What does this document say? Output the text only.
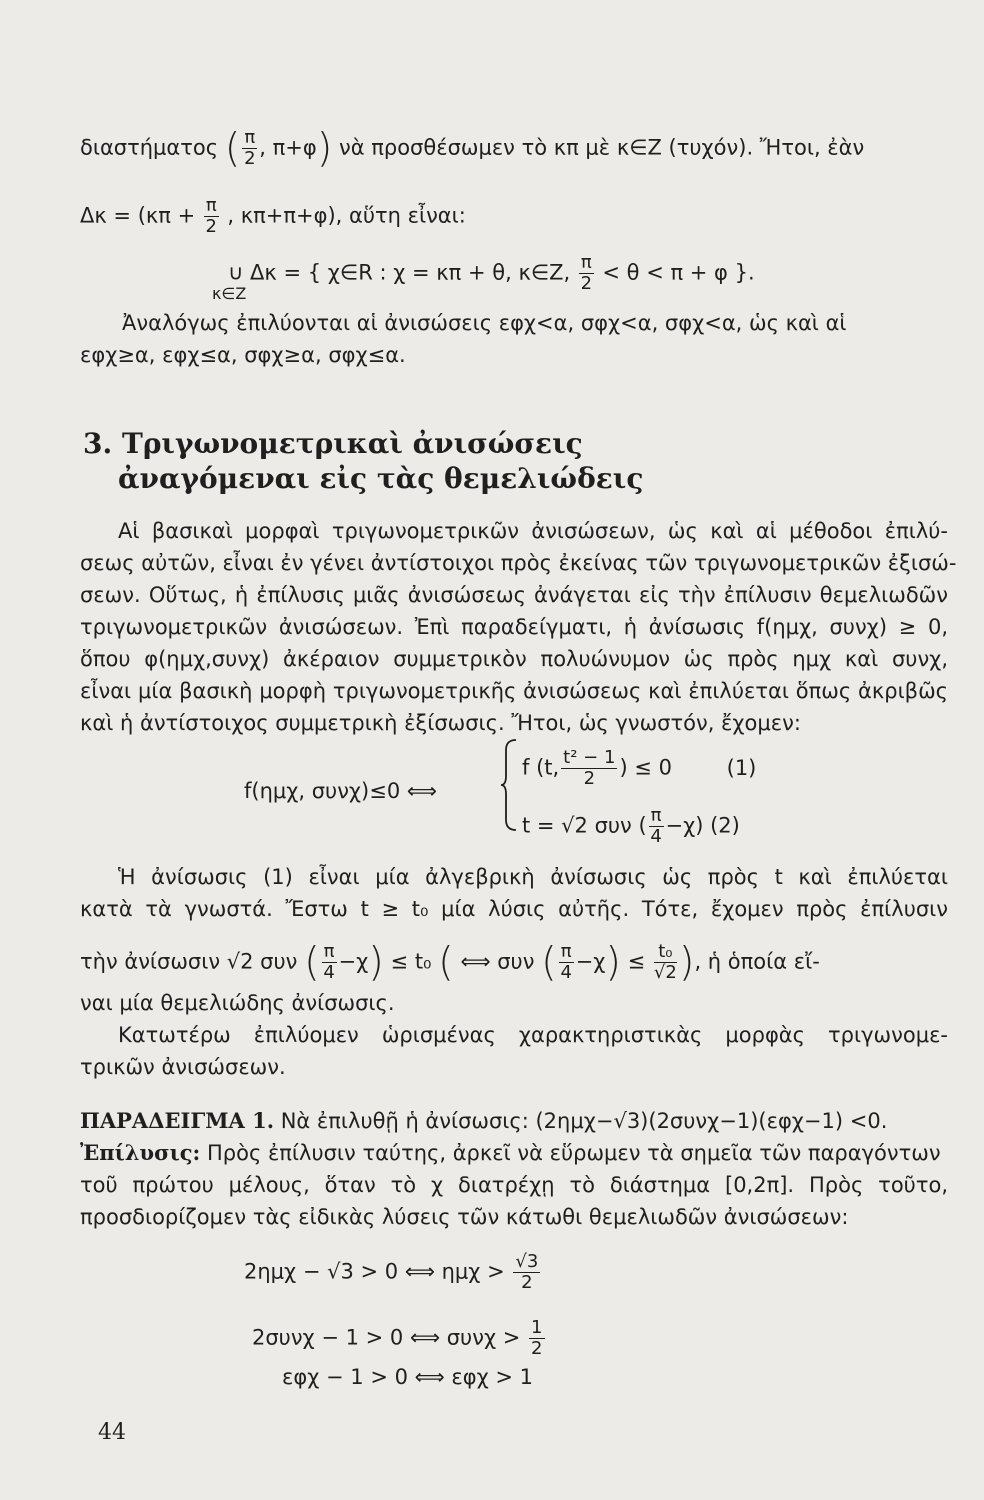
διαστήματος ( $\frac{\pi}{2}$ , π+φ) νὰ προσθέσωμεν τὸ κπ μὲ κ∈Z (τυχόν). Ἤτοι, ἐὰν
$\Delta\kappa = (\kappa\pi + \frac{\pi}{2}$ , κπ+π+φ), αὕτη εἶναι:
∪ Δκ = { χ∈R : χ = κπ + θ, κ∈Z, $\frac{\pi}{2} < \theta < \pi + \varphi$ }.
κ∈Z
Ἀναλόγως ἐπιλύονται αἱ ἀνισώσεις εφχ<α, σφχ<α, σφχ<α, ὡς καὶ αἱ
εφχ≥α, εφχ≤α, σφχ≥α, σφχ≤α.
3. Τριγωνομετρικαὶ ἀνισώσεις
ἀναγόμεναι εἰς τὰς θεμελιώδεις
Αἱ βασικαὶ μορφαὶ τριγωνομετρικῶν ἀνισώσεων, ὡς καὶ αἱ μέθοδοι ἐπιλύ-
σεως αὐτῶν, εἶναι ἐν γένει ἀντίστοιχοι πρὸς ἐκείνας τῶν τριγωνομετρικῶν ἐξισώ-
σεων. Οὕτως, ἡ ἐπίλυσις μιᾶς ἀνισώσεως ἀνάγεται εἰς τὴν ἐπίλυσιν θεμελιωδῶν
τριγωνομετρικῶν ἀνισώσεων. Ἐπὶ παραδείγματι, ἡ ἀνίσωσις f(ημχ, συνχ) ≥ 0,
ὅπου φ(ημχ,συνχ) ἀκέραιον συμμετρικὸν πολυώνυμον ὡς πρὸς ημχ καὶ συνχ,
εἶναι μία βασικὴ μορφὴ τριγωνομετρικῆς ἀνισώσεως καὶ ἐπιλύεται ὅπως ἀκριβῶς
καὶ ἡ ἀντίστοιχος συμμετρικὴ ἐξίσωσις. Ἤτοι, ὡς γνωστόν, ἔχομεν:
f(ημχ, συνχ)≤0 ⟺
f (t, $\frac{\text{t² − 1}}{2}$ ) ≤ 0	(1)
t = √2 συν ( $\frac{\pi}{4} -\chi$) (2)
Ἡ ἀνίσωσις (1) εἶναι μία ἀλγεβρικὴ ἀνίσωσις ὡς πρὸς t καὶ ἐπιλύεται
κατὰ τὰ γνωστά. Ἔστω t ≥ t₀ μία λύσις αὐτῆς. Τότε, ἔχομεν πρὸς ἐπίλυσιν
τὴν ἀνίσωσιν √2 συν ( $\frac{\pi}{4} -\chi) \le t_0$ ( ⟺ συν ( $\frac{\pi}{4} -\chi) \le \frac{\text{t₀}}{√2}$ ), ἡ ὁποία εἴ-
ναι μία θεμελιώδης ἀνίσωσις.
Κατωτέρω ἐπιλύομεν ὡρισμένας χαρακτηριστικὰς μορφὰς τριγωνομε-
τρικῶν ἀνισώσεων.
ΠΑΡΑΔΕΙΓΜΑ 1. Νὰ ἐπιλυθῇ ἡ ἀνίσωσις: (2ημχ−√3)(2συνχ−1)(εφχ−1) <0.
Ἐπίλυσις: Πρὸς ἐπίλυσιν ταύτης, ἀρκεῖ νὰ εὕρωμεν τὰ σημεῖα τῶν παραγόντων
τοῦ πρώτου μέλους, ὅταν τὸ χ διατρέχῃ τὸ διάστημα [0,2π]. Πρὸς τοῦτο,
προσδιορίζομεν τὰς εἰδικὰς λύσεις τῶν κάτωθι θεμελιωδῶν ἀνισώσεων:
2ημχ − √3 > 0 ⟺ $\eta\mu\chi > \frac{√3}{2}$
2συνχ − 1 > 0 ⟺ $\sigma\upsilon\nu\chi > \frac{1}{2}$
εφχ − 1 > 0 ⟺ εφχ > 1
44
